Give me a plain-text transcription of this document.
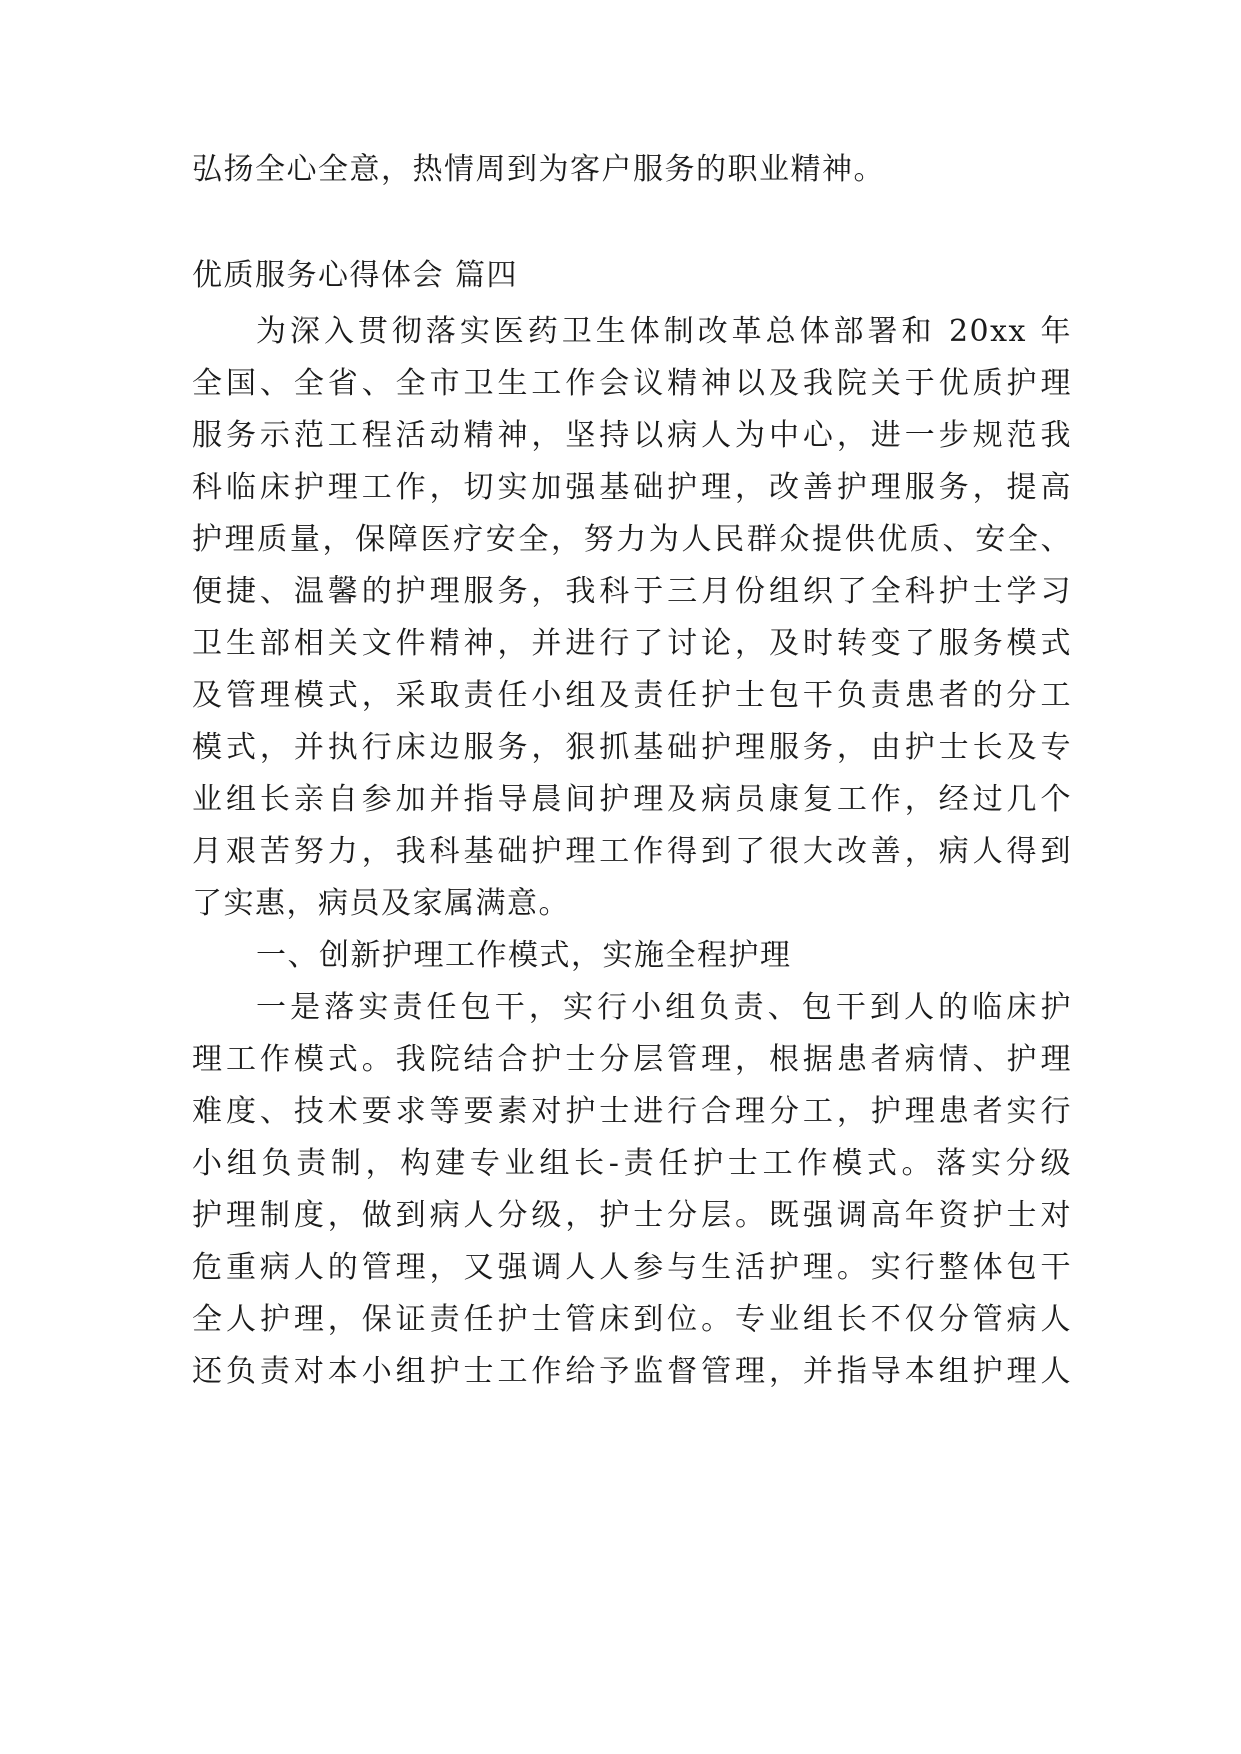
弘扬全心全意，热情周到为客户服务的职业精神。
优质服务心得体会 篇四
为深入贯彻落实医药卫生体制改革总体部署和 20xx 年
全国、全省、全市卫生工作会议精神以及我院关于优质护理
服务示范工程活动精神，坚持以病人为中心，进一步规范我
科临床护理工作，切实加强基础护理，改善护理服务，提高
护理质量，保障医疗安全，努力为人民群众提供优质、安全、
便捷、温馨的护理服务，我科于三月份组织了全科护士学习
卫生部相关文件精神，并进行了讨论，及时转变了服务模式
及管理模式，采取责任小组及责任护士包干负责患者的分工
模式，并执行床边服务，狠抓基础护理服务，由护士长及专
业组长亲自参加并指导晨间护理及病员康复工作，经过几个
月艰苦努力，我科基础护理工作得到了很大改善，病人得到
了实惠，病员及家属满意。
一、创新护理工作模式，实施全程护理
一是落实责任包干，实行小组负责、包干到人的临床护
理工作模式。我院结合护士分层管理，根据患者病情、护理
难度、技术要求等要素对护士进行合理分工，护理患者实行
小组负责制，构建专业组长-责任护士工作模式。落实分级
护理制度，做到病人分级，护士分层。既强调高年资护士对
危重病人的管理，又强调人人参与生活护理。实行整体包干
全人护理，保证责任护士管床到位。专业组长不仅分管病人
还负责对本小组护士工作给予监督管理，并指导本组护理人
